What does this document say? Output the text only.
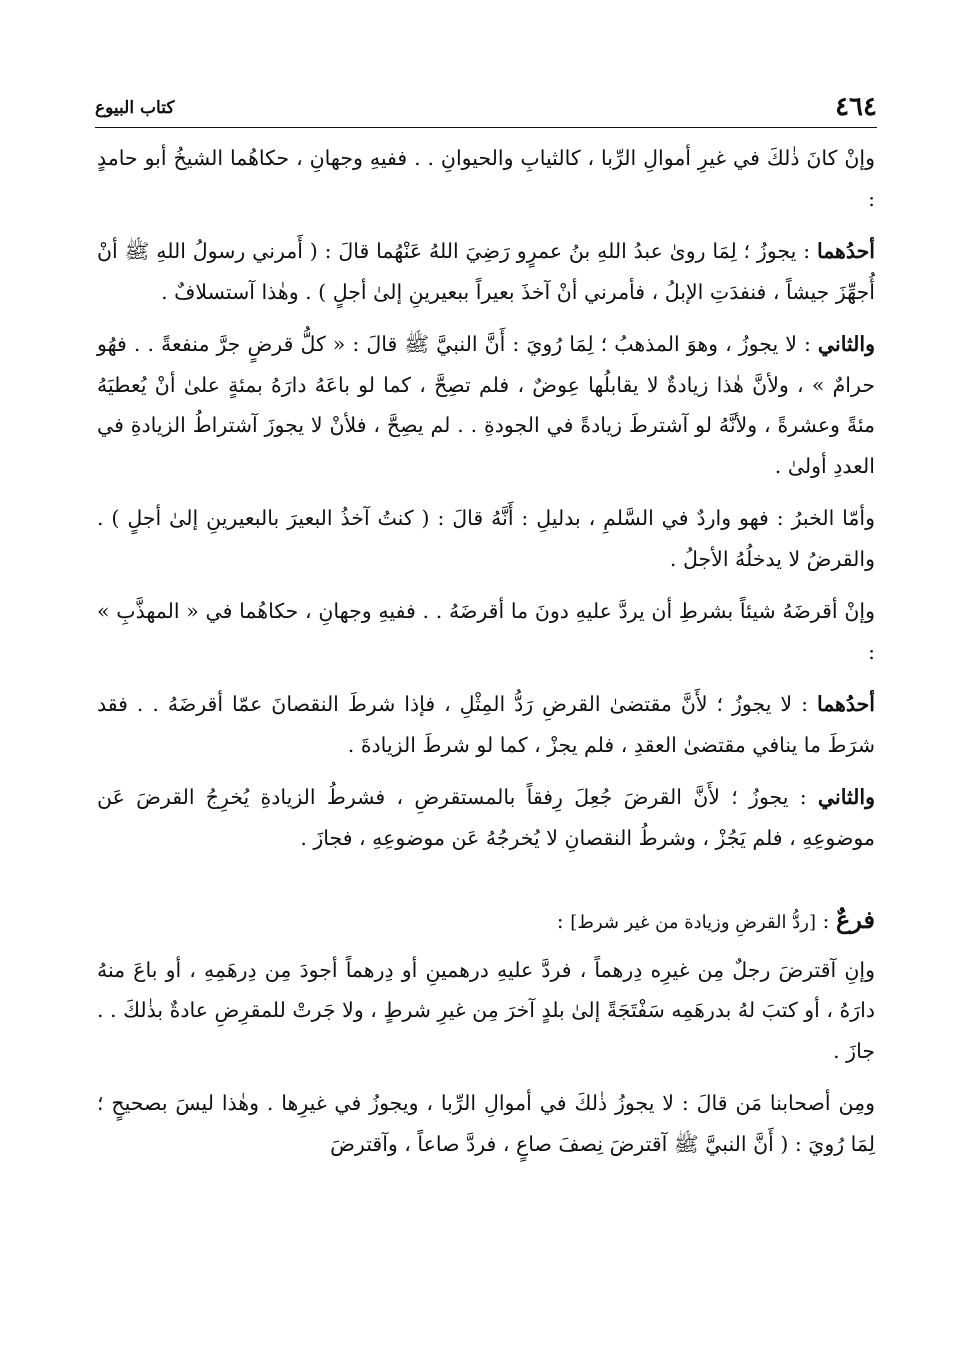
٤٦٤
كتاب البيوع

وإنْ كانَ ذٰلكَ في غيرِ أموالِ الرِّبا ، كالثيابِ والحيوانِ . . ففيهِ وجهانِ ، حكاهُما الشيخُ أبو حامدٍ :

أحدُهما : يجوزُ ؛ لِمَا روىٰ عبدُ اللهِ بنُ عمرٍو رَضِيَ اللهُ عَنْهُما قالَ : ( أَمرني رسولُ اللهِ ﷺ أنْ أُجهِّزَ جيشاً ، فنفدَتِ الإبلُ ، فأمرني أنْ آخذَ بعيراً ببعيرينِ إلىٰ أجلٍ ) . وهٰذا آستسلافٌ .

والثاني : لا يجوزُ ، وهوَ المذهبُ ؛ لِمَا رُويَ : أَنَّ النبيَّ ﷺ قالَ : « كلُّ قرضٍ جرَّ منفعةً . . فهُو حرامٌ » ، ولأنَّ هٰذا زيادةٌ لا يقابلُها عِوضٌ ، فلم تصِحَّ ، كما لو باعَهُ دارَهُ بمئةٍ علىٰ أنْ يُعطيَهُ مئةً وعشرةً ، ولأنَّهُ لو آشترطَ زيادةً في الجودةِ . . لم يصِحَّ ، فلأنْ لا يجوزَ آشتراطُ الزيادةِ في العددِ أولىٰ .

وأمّا الخبرُ : فهو واردٌ في السَّلمِ ، بدليلِ : أَنَّهُ قالَ : ( كنتُ آخذُ البعيرَ بالبعيرينِ إلىٰ أجلٍ ) . والقرضُ لا يدخلُهُ الأجلُ .

وإنْ أقرضَهُ شيئاً بشرطِ أن يردَّ عليهِ دونَ ما أقرضَهُ . . ففيهِ وجهانِ ، حكاهُما في « المهذَّبِ » :

أحدُهما : لا يجوزُ ؛ لأَنَّ مقتضىٰ القرضِ رَدُّ المِثْلِ ، فإذا شرطَ النقصانَ عمّا أقرضَهُ . . فقد شرَطَ ما ينافي مقتضىٰ العقدِ ، فلم يجزْ ، كما لو شرطَ الزيادةَ .

والثاني : يجوزُ ؛ لأَنَّ القرضَ جُعِلَ رِفقاً بالمستقرضِ ، فشرطُ الزيادةِ يُخرِجُ القرضَ عَن موضوعِهِ ، فلم يَجُزْ ، وشرطُ النقصانِ لا يُخرجُهُ عَن موضوعِهِ ، فجازَ .

فرعٌ : [ردُّ القرضِ وزيادة من غير شرط] :

وإنِ آقترضَ رجلٌ مِن غيرِه دِرهماً ، فردَّ عليهِ درهمينِ أو دِرهماً أجودَ مِن دِرهَمِهِ ، أو باعَ منهُ دارَهُ ، أو كتبَ لهُ بدرهَمِه سَفْتَجَةً إلىٰ بلدٍ آخرَ مِن غيرِ شرطٍ ، ولا جَرتْ للمقرِضِ عادةٌ بذٰلكَ . . جازَ .

ومِن أصحابنا مَن قالَ : لا يجوزُ ذٰلكَ في أموالِ الرِّبا ، ويجوزُ في غيرِها . وهٰذا ليسَ بصحيحٍ ؛ لِمَا رُويَ : ( أَنَّ النبيَّ ﷺ آقترضَ نِصفَ صاعٍ ، فردَّ صاعاً ، وآقترضَ
